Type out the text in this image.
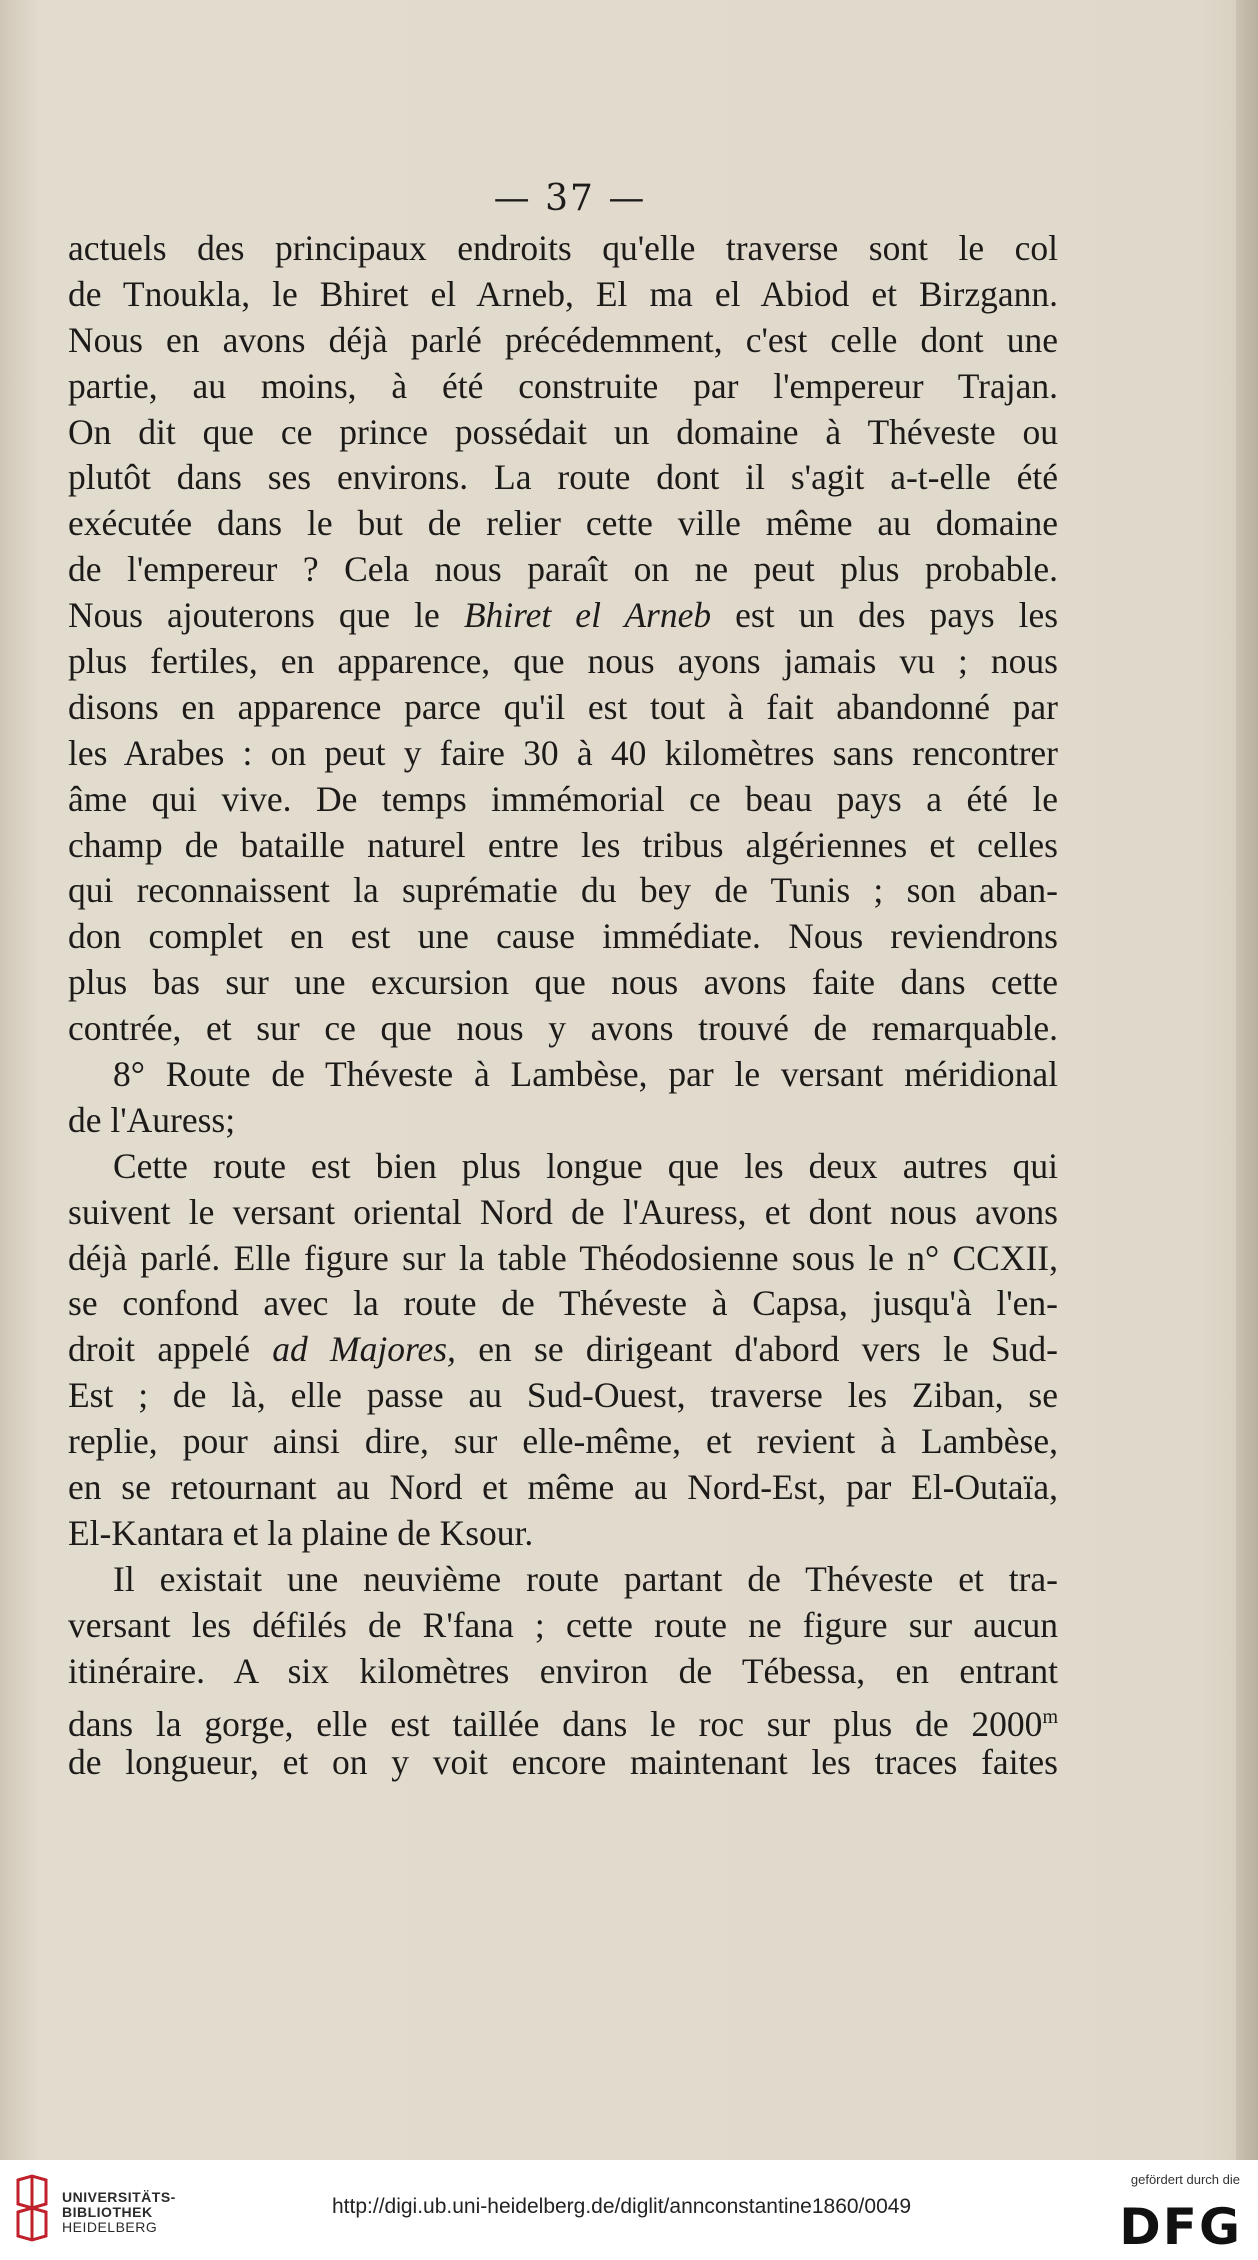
— 37 —
actuels des principaux endroits qu'elle traverse sont le col
de Tnoukla, le Bhiret el Arneb, El ma el Abiod et Birzgann.
Nous en avons déjà parlé précédemment, c'est celle dont une
partie, au moins, à été construite par l'empereur Trajan.
On dit que ce prince possédait un domaine à Théveste ou
plutôt dans ses environs. La route dont il s'agit a-t-elle été
exécutée dans le but de relier cette ville même au domaine
de l'empereur ? Cela nous paraît on ne peut plus probable.
Nous ajouterons que le Bhiret el Arneb est un des pays les
plus fertiles, en apparence, que nous ayons jamais vu ; nous
disons en apparence parce qu'il est tout à fait abandonné par
les Arabes : on peut y faire 30 à 40 kilomètres sans rencontrer
âme qui vive. De temps immémorial ce beau pays a été le
champ de bataille naturel entre les tribus algériennes et celles
qui reconnaissent la suprématie du bey de Tunis ; son aban-
don complet en est une cause immédiate. Nous reviendrons
plus bas sur une excursion que nous avons faite dans cette
contrée, et sur ce que nous y avons trouvé de remarquable.
8° Route de Théveste à Lambèse, par le versant méridional
de l'Auress;
Cette route est bien plus longue que les deux autres qui
suivent le versant oriental Nord de l'Auress, et dont nous avons
déjà parlé. Elle figure sur la table Théodosienne sous le n° CCXII,
se confond avec la route de Théveste à Capsa, jusqu'à l'en-
droit appelé ad Majores, en se dirigeant d'abord vers le Sud-
Est ; de là, elle passe au Sud-Ouest, traverse les Ziban, se
replie, pour ainsi dire, sur elle-même, et revient à Lambèse,
en se retournant au Nord et même au Nord-Est, par El-Outaïa,
El-Kantara et la plaine de Ksour.
Il existait une neuvième route partant de Théveste et tra-
versant les défilés de R'fana ; cette route ne figure sur aucun
itinéraire. A six kilomètres environ de Tébessa, en entrant
dans la gorge, elle est taillée dans le roc sur plus de 2000$^m$
de longueur, et on y voit encore maintenant les traces faites
UNIVERSITÄTS-
BIBLIOTHEK
HEIDELBERG
http://digi.ub.uni-heidelberg.de/diglit/annconstantine1860/0049
gefördert durch die
DFG
